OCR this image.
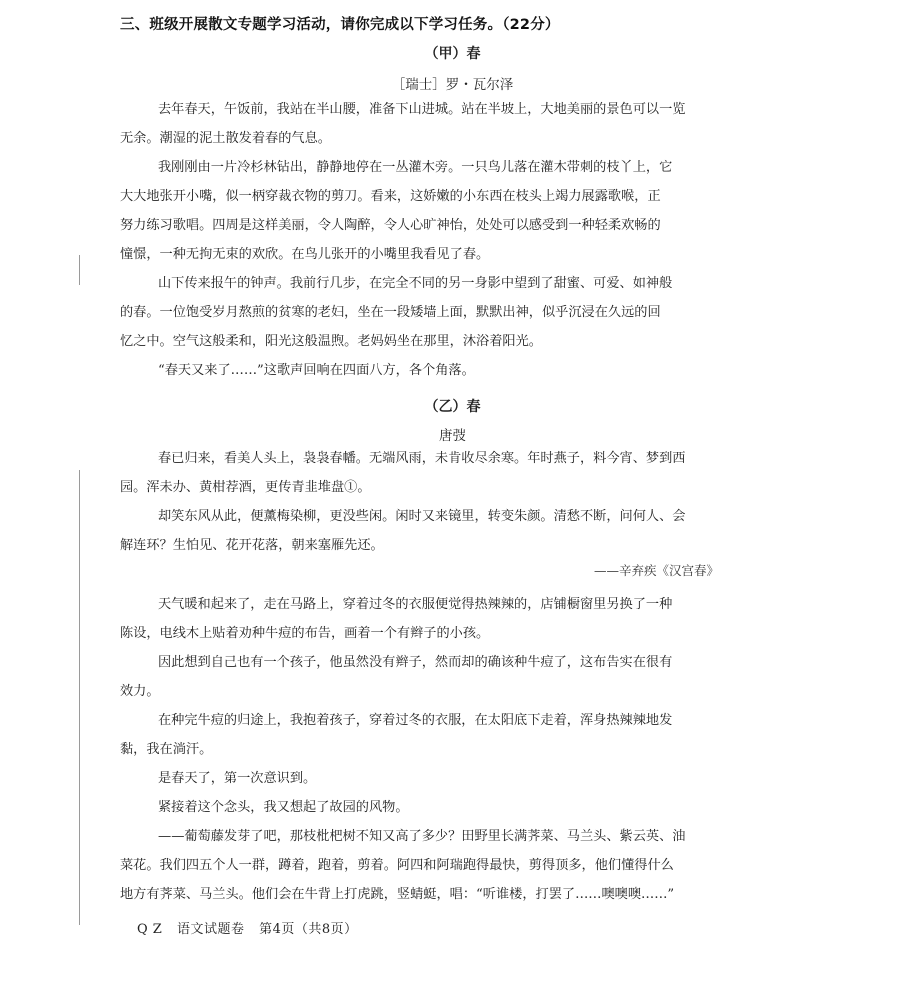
三、班级开展散文专题学习活动，请你完成以下学习任务。（22分）
（甲）春
［瑞士］罗・瓦尔泽
去年春天，午饭前，我站在半山腰，准备下山进城。站在半坡上，大地美丽的景色可以一览
无余。潮湿的泥土散发着春的气息。
我刚刚由一片冷杉林钻出，静静地停在一丛灌木旁。一只鸟儿落在灌木带刺的枝丫上，它
大大地张开小嘴，似一柄穿裁衣物的剪刀。看来，这娇嫩的小东西在枝头上竭力展露歌喉，正
努力练习歌唱。四周是这样美丽，令人陶醉，令人心旷神怡，处处可以感受到一种轻柔欢畅的
憧憬，一种无拘无束的欢欣。在鸟儿张开的小嘴里我看见了春。
山下传来报午的钟声。我前行几步，在完全不同的另一身影中望到了甜蜜、可爱、如神般
的春。一位饱受岁月熬煎的贫寒的老妇，坐在一段矮墙上面，默默出神，似乎沉浸在久远的回
忆之中。空气这般柔和，阳光这般温煦。老妈妈坐在那里，沐浴着阳光。
“春天又来了……”这歌声回响在四面八方，各个角落。
（乙）春
唐弢
春已归来，看美人头上，袅袅春幡。无端风雨，未肯收尽余寒。年时燕子，料今宵、梦到西
园。浑未办、黄柑荐酒，更传青韭堆盘①。
却笑东风从此，便薰梅染柳，更没些闲。闲时又来镜里，转变朱颜。清愁不断，问何人、会
解连环？生怕见、花开花落，朝来塞雁先还。
——辛弃疾《汉宫春》
天气暖和起来了，走在马路上，穿着过冬的衣服便觉得热辣辣的，店铺橱窗里另换了一种
陈设，电线木上贴着劝种牛痘的布告，画着一个有辫子的小孩。
因此想到自己也有一个孩子，他虽然没有辫子，然而却的确该种牛痘了，这布告实在很有
效力。
在种完牛痘的归途上，我抱着孩子，穿着过冬的衣服，在太阳底下走着，浑身热辣辣地发
黏，我在淌汗。
是春天了，第一次意识到。
紧接着这个念头，我又想起了故园的风物。
——葡萄藤发芽了吧，那枝枇杷树不知又高了多少？田野里长满荠菜、马兰头、紫云英、油
菜花。我们四五个人一群，蹲着，跑着，剪着。阿四和阿瑞跑得最快，剪得顶多，他们懂得什么
地方有荠菜、马兰头。他们会在牛背上打虎跳，竖蜻蜓，唱：“听谁楼，打罢了……噢噢噢……”
Q Z 语文试题卷 第4页（共8页）
